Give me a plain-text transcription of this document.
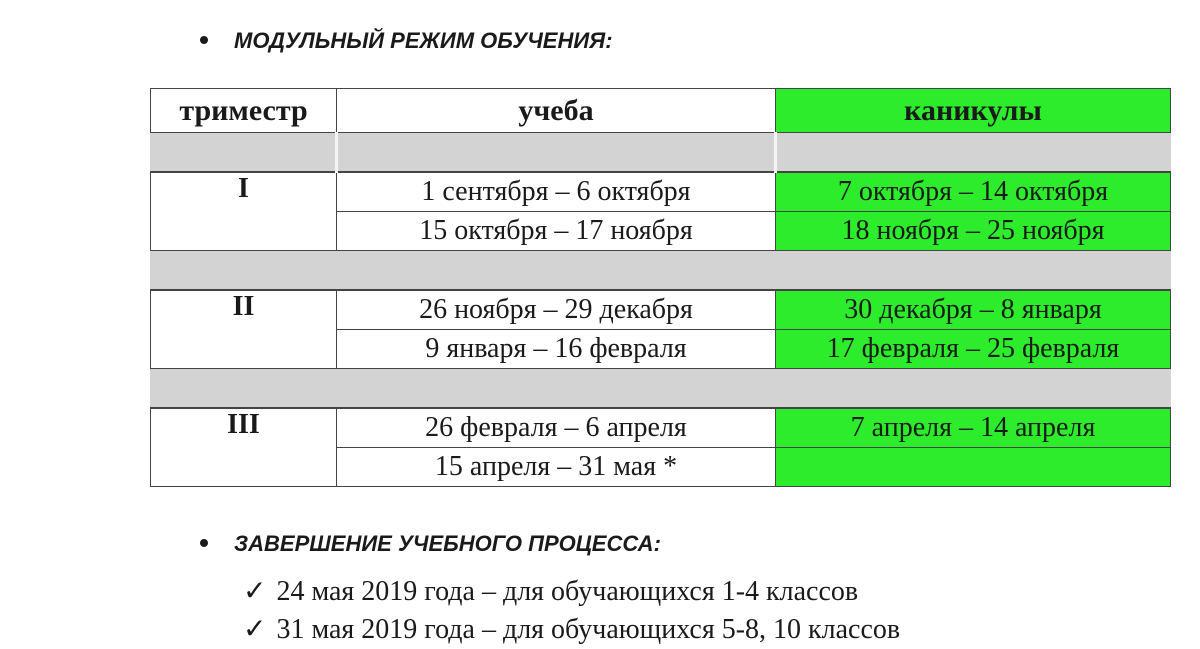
МОДУЛЬНЫЙ РЕЖИМ ОБУЧЕНИЯ:
триместр	учеба	каникулы

I	1 сентября – 6 октября	7 октября – 14 октября
	15 октября – 17 ноября	18 ноября – 25 ноября

II	26 ноября – 29 декабря	30 декабря – 8 января
	9 января – 16 февраля	17 февраля – 25 февраля

III	26 февраля – 6 апреля	7 апреля – 14 апреля
	15 апреля – 31 мая *	
ЗАВЕРШЕНИЕ УЧЕБНОГО ПРОЦЕССА:
✓ 24 мая 2019 года – для обучающихся 1-4 классов
✓ 31 мая 2019 года – для обучающихся 5-8, 10 классов
